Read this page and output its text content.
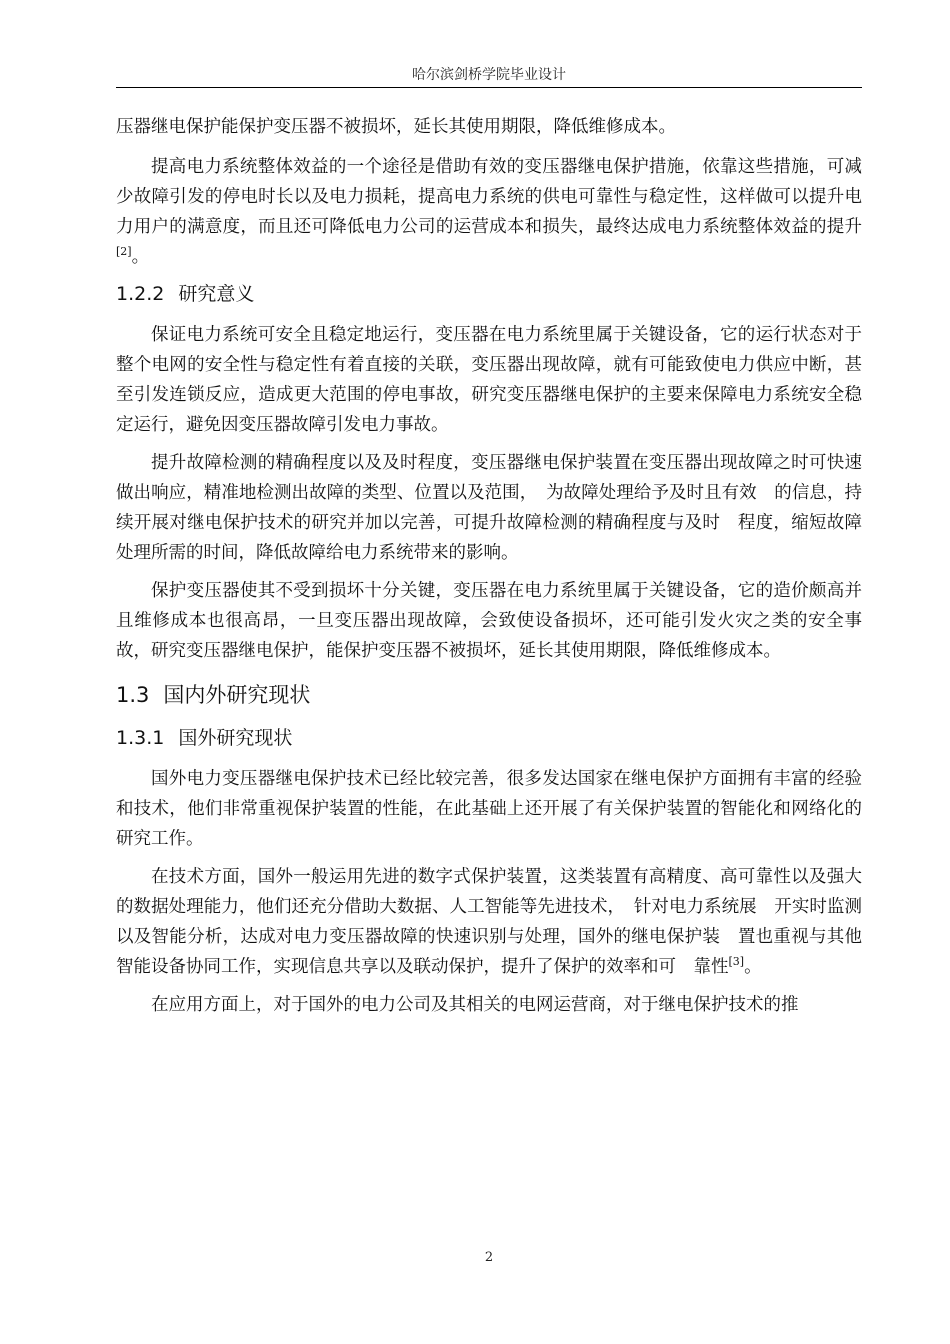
哈尔滨剑桥学院毕业设计

压器继电保护能保护变压器不被损坏，延长其使用期限，降低维修成本。

提高电力系统整体效益的一个途径是借助有效的变压器继电保护措施，依靠这些措施，可减少故障引发的停电时长以及电力损耗，提高电力系统的供电可靠性与稳定性，这样做可以提升电力用户的满意度，而且还可降低电力公司的运营成本和损失，最终达成电力系统整体效益的提升[2]。

1.2.2 研究意义

保证电力系统可安全且稳定地运行，变压器在电力系统里属于关键设备，它的运行状态对于整个电网的安全性与稳定性有着直接的关联，变压器出现故障，就有可能致使电力供应中断，甚至引发连锁反应，造成更大范围的停电事故，研究变压器继电保护的主要来保障电力系统安全稳定运行，避免因变压器故障引发电力事故。

提升故障检测的精确程度以及及时程度，变压器继电保护装置在变压器出现故障之时可快速做出响应，精准地检测出故障的类型、位置以及范围，　为故障处理给予及时且有效　的信息，持续开展对继电保护技术的研究并加以完善，可提升故障检测的精确程度与及时　程度，缩短故障处理所需的时间，降低故障给电力系统带来的影响。

保护变压器使其不受到损坏十分关键，变压器在电力系统里属于关键设备，它的造价颇高并且维修成本也很高昂，一旦变压器出现故障，会致使设备损坏，还可能引发火灾之类的安全事故，研究变压器继电保护，能保护变压器不被损坏，延长其使用期限，降低维修成本。

1.3 国内外研究现状
1.3.1 国外研究现状

国外电力变压器继电保护技术已经比较完善，很多发达国家在继电保护方面拥有丰富的经验和技术，他们非常重视保护装置的性能，在此基础上还开展了有关保护装置的智能化和网络化的研究工作。

在技术方面，国外一般运用先进的数字式保护装置，这类装置有高精度、高可靠性以及强大的数据处理能力，他们还充分借助大数据、人工智能等先进技术，　针对电力系统展　开实时监测以及智能分析，达成对电力变压器故障的快速识别与处理，国外的继电保护装　置也重视与其他智能设备协同工作，实现信息共享以及联动保护，提升了保护的效率和可　靠性[3]。

在应用方面上，对于国外的电力公司及其相关的电网运营商，对于继电保护技术的推

2
